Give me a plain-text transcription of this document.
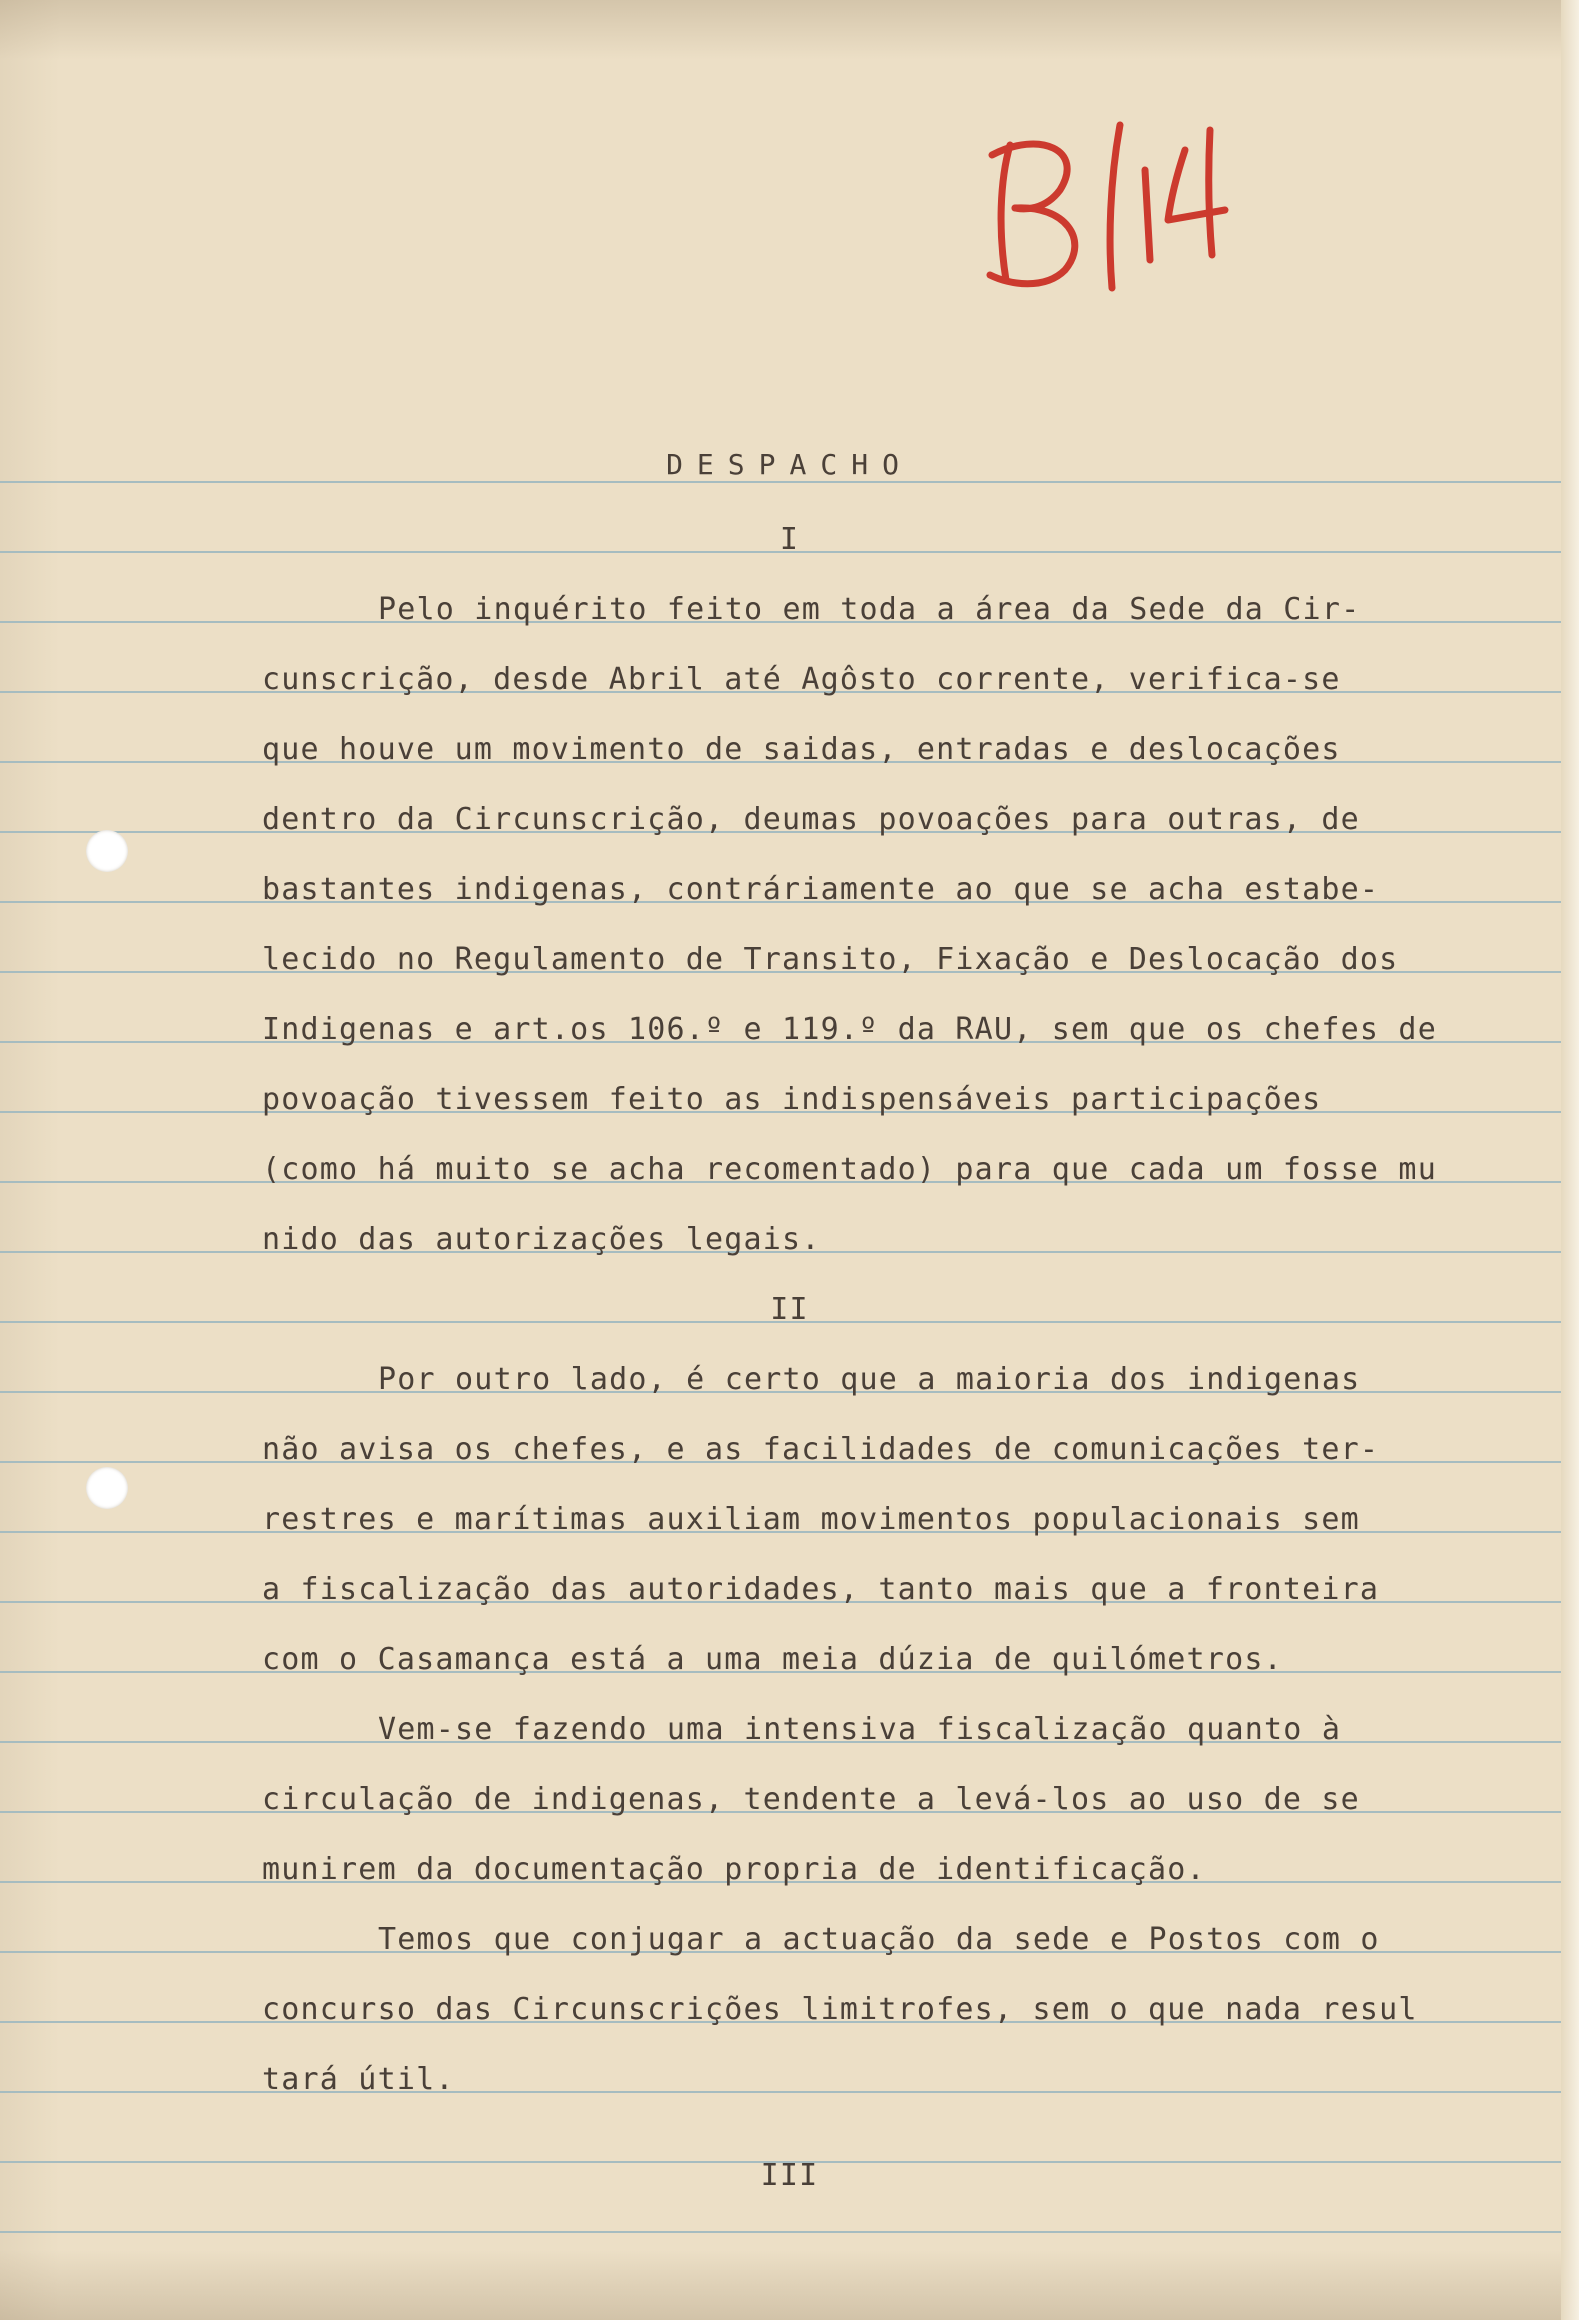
DESPACHO
I
Pelo inquérito feito em toda a área da Sede da Cir-
cunscrição, desde Abril até Agôsto corrente, verifica-se
que houve um movimento de saidas, entradas e deslocações
dentro da Circunscrição, deumas povoações para outras, de
bastantes indigenas, contráriamente ao que se acha estabe-
lecido no Regulamento de Transito, Fixação e Deslocação dos
Indigenas e art.os 106.º e 119.º da RAU, sem que os chefes de
povoação tivessem feito as indispensáveis participações
(como há muito se acha recomentado) para que cada um fosse mu
nido das autorizações legais.
II
Por outro lado, é certo que a maioria dos indigenas
não avisa os chefes, e as facilidades de comunicações ter-
restres e marítimas auxiliam movimentos populacionais sem
a fiscalização das autoridades, tanto mais que a fronteira
com o Casamança está a uma meia dúzia de quilómetros.
Vem-se fazendo uma intensiva fiscalização quanto à
circulação de indigenas, tendente a levá-los ao uso de se
munirem da documentação propria de identificação.
Temos que conjugar a actuação da sede e Postos com o
concurso das Circunscrições limitrofes, sem o que nada resul
tará útil.
III
